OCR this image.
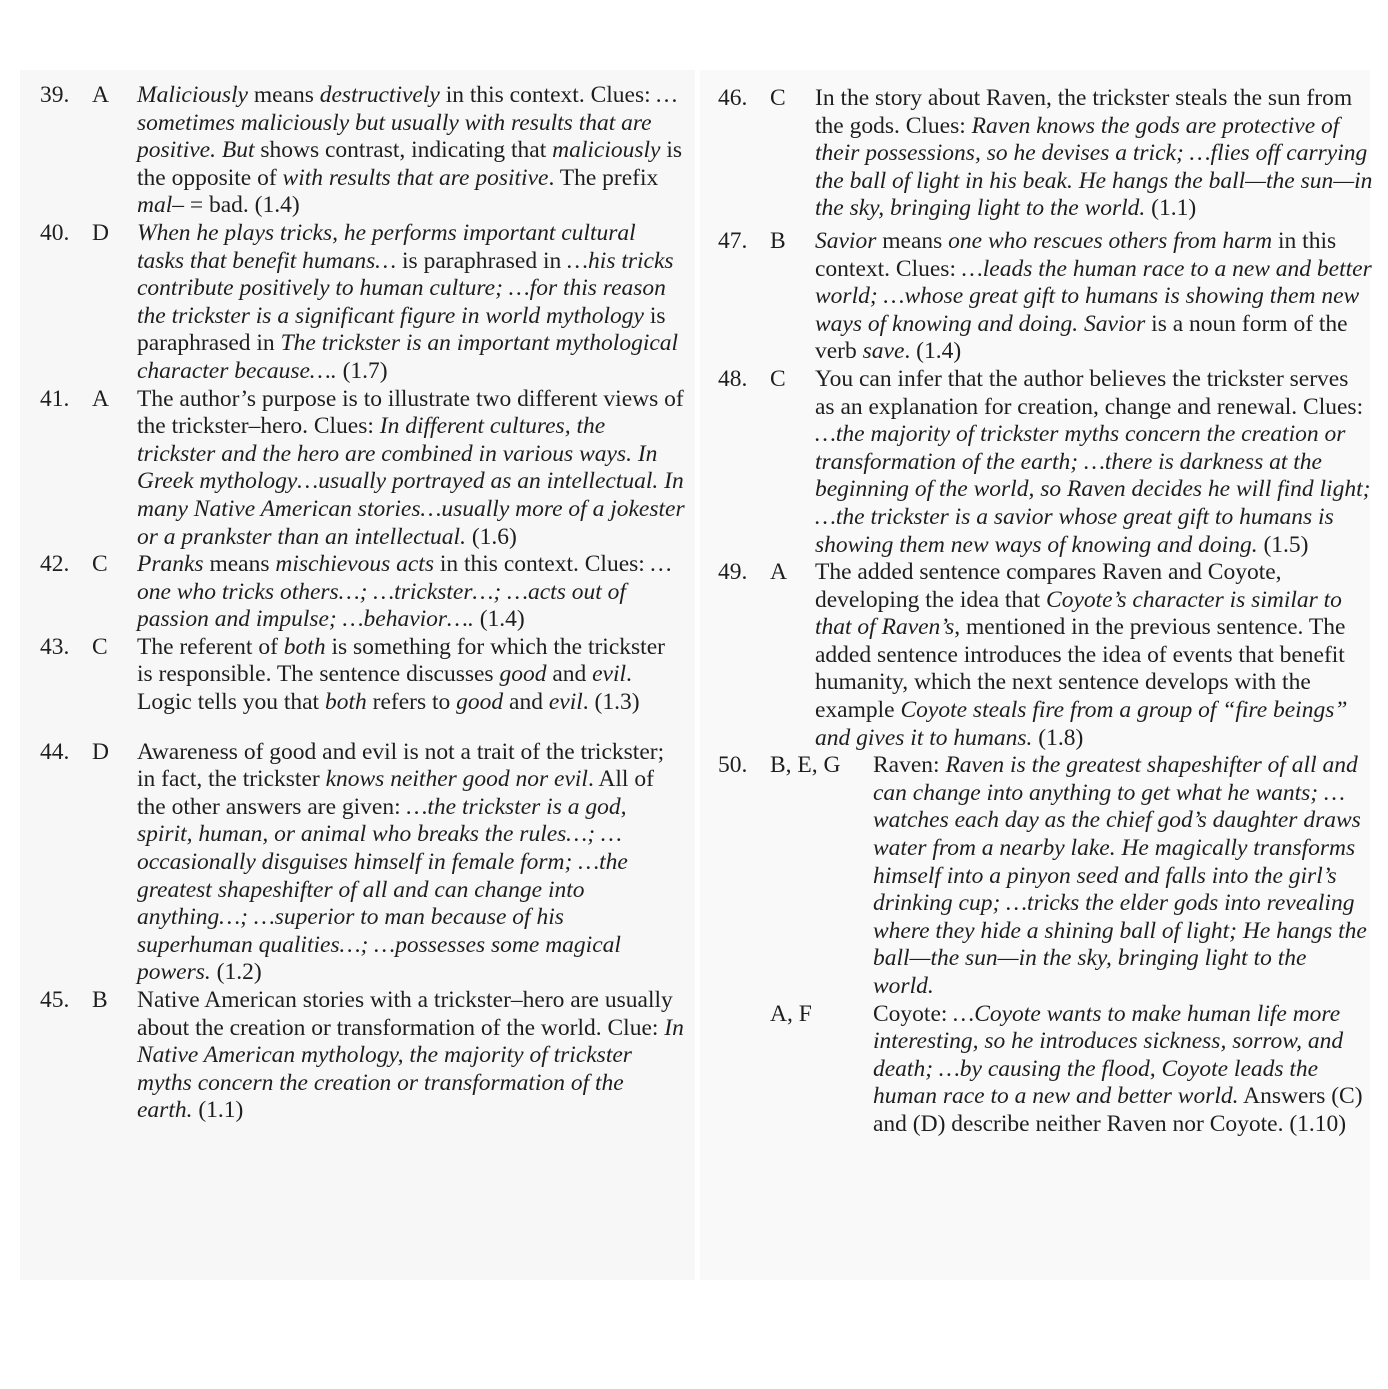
39. A	Maliciously means destructively in this context. Clues: …sometimes maliciously but usually with results that are positive. But shows contrast, indicating that maliciously is the opposite of with results that are positive. The prefix mal– = bad. (1.4)
40. D	When he plays tricks, he performs important cultural tasks that benefit humans… is paraphrased in …his tricks contribute positively to human culture; …for this reason the trickster is a significant figure in world mythology is paraphrased in The trickster is an important mythological character because…. (1.7)
41. A	The author’s purpose is to illustrate two different views of the trickster–hero. Clues: In different cultures, the trickster and the hero are combined in various ways. In Greek mythology…usually portrayed as an intellectual. In many Native American stories…usually more of a jokester or a prankster than an intellectual. (1.6)
42. C	Pranks means mischievous acts in this context. Clues: …one who tricks others…; …trickster…; …acts out of passion and impulse; …behavior…. (1.4)
43. C	The referent of both is something for which the trickster is responsible. The sentence discusses good and evil. Logic tells you that both refers to good and evil. (1.3)
44. D	Awareness of good and evil is not a trait of the trickster; in fact, the trickster knows neither good nor evil. All of the other answers are given: …the trickster is a god, spirit, human, or animal who breaks the rules…; …occasionally disguises himself in female form; …the greatest shapeshifter of all and can change into anything…; …superior to man because of his superhuman qualities…; …possesses some magical powers. (1.2)
45. B	Native American stories with a trickster–hero are usually about the creation or transformation of the world. Clue: In Native American mythology, the majority of trickster myths concern the creation or transformation of the earth. (1.1)
46. C	In the story about Raven, the trickster steals the sun from the gods. Clues: Raven knows the gods are protective of their possessions, so he devises a trick; …flies off carrying the ball of light in his beak. He hangs the ball—the sun—in the sky, bringing light to the world. (1.1)
47. B	Savior means one who rescues others from harm in this context. Clues: …leads the human race to a new and better world; …whose great gift to humans is showing them new ways of knowing and doing. Savior is a noun form of the verb save. (1.4)
48. C	You can infer that the author believes the trickster serves as an explanation for creation, change and renewal. Clues: …the majority of trickster myths concern the creation or transformation of the earth; …there is darkness at the beginning of the world, so Raven decides he will find light; …the trickster is a savior whose great gift to humans is showing them new ways of knowing and doing. (1.5)
49. A	The added sentence compares Raven and Coyote, developing the idea that Coyote’s character is similar to that of Raven’s, mentioned in the previous sentence. The added sentence introduces the idea of events that benefit humanity, which the next sentence develops with the example Coyote steals fire from a group of “fire beings” and gives it to humans. (1.8)
50. B, E, G	Raven: Raven is the greatest shapeshifter of all and can change into anything to get what he wants; …watches each day as the chief god’s daughter draws water from a nearby lake. He magically transforms himself into a pinyon seed and falls into the girl’s drinking cup; …tricks the elder gods into revealing where they hide a shining ball of light; He hangs the ball—the sun—in the sky, bringing light to the world.
A, F	Coyote: …Coyote wants to make human life more interesting, so he introduces sickness, sorrow, and death; …by causing the flood, Coyote leads the human race to a new and better world. Answers (C) and (D) describe neither Raven nor Coyote. (1.10)
